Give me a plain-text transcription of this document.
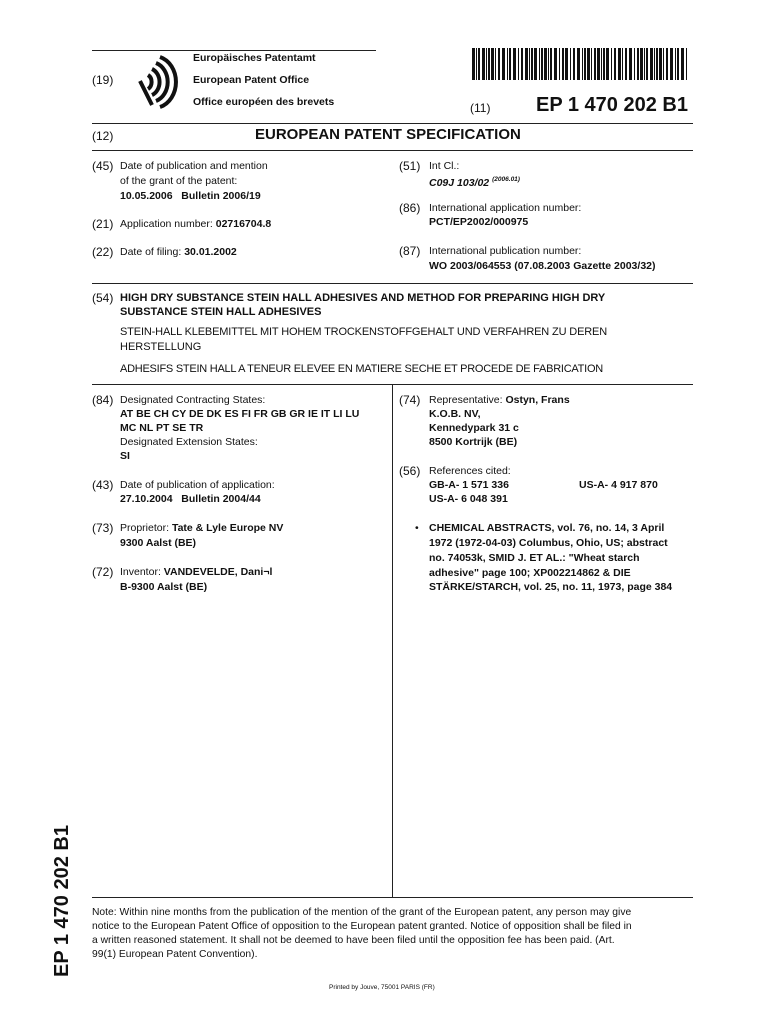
Europäisches Patentamt
(19)	European Patent Office
Office européen des brevets	(11) EP 1 470 202 B1
(12)	EUROPEAN PATENT SPECIFICATION
(45) Date of publication and mention
of the grant of the patent:
10.05.2006   Bulletin 2006/19
(51) Int Cl.:
C09J 103/02 $^{(2006.01)}$
(86) International application number:
PCT/EP2002/000975
(21) Application number: 02716704.8
(22) Date of filing: 30.01.2002	(87) International publication number:
WO 2003/064553 (07.08.2003 Gazette 2003/32)
(54) HIGH DRY SUBSTANCE STEIN HALL ADHESIVES AND METHOD FOR PREPARING HIGH DRY
SUBSTANCE STEIN HALL ADHESIVES
STEIN-HALL KLEBEMITTEL MIT HOHEM TROCKENSTOFFGEHALT UND VERFAHREN ZU DEREN
HERSTELLUNG
ADHESIFS STEIN HALL A TENEUR ELEVEE EN MATIERE SECHE ET PROCEDE DE FABRICATION
(84) Designated Contracting States:
AT BE CH CY DE DK ES FI FR GB GR IE IT LI LU
MC NL PT SE TR
Designated Extension States:
SI
(43) Date of publication of application:
27.10.2004   Bulletin 2004/44
(73) Proprietor: Tate & Lyle Europe NV
9300 Aalst (BE)
(72) Inventor: VANDEVELDE, Dani¬l
B-9300 Aalst (BE)
(74) Representative: Ostyn, Frans
K.O.B. NV,
Kennedypark 31 c
8500 Kortrijk (BE)
(56) References cited:
GB-A- 1 571 336	US-A- 4 917 870
US-A- 6 048 391
• CHEMICAL ABSTRACTS, vol. 76, no. 14, 3 April
1972 (1972-04-03) Columbus, Ohio, US; abstract
no. 74053k, SMID J. ET AL.: "Wheat starch
adhesive" page 100; XP002214862 & DIE
STÄRKE/STARCH, vol. 25, no. 11, 1973, page 384
EP 1 470 202 B1 Note: Within nine months from the publication of the mention of the grant of the European patent, any person may give
notice to the European Patent Office of opposition to the European patent granted. Notice of opposition shall be filed in
a written reasoned statement. It shall not be deemed to have been filed until the opposition fee has been paid. (Art.
99(1) European Patent Convention).
Printed by Jouve, 75001 PARIS (FR)
